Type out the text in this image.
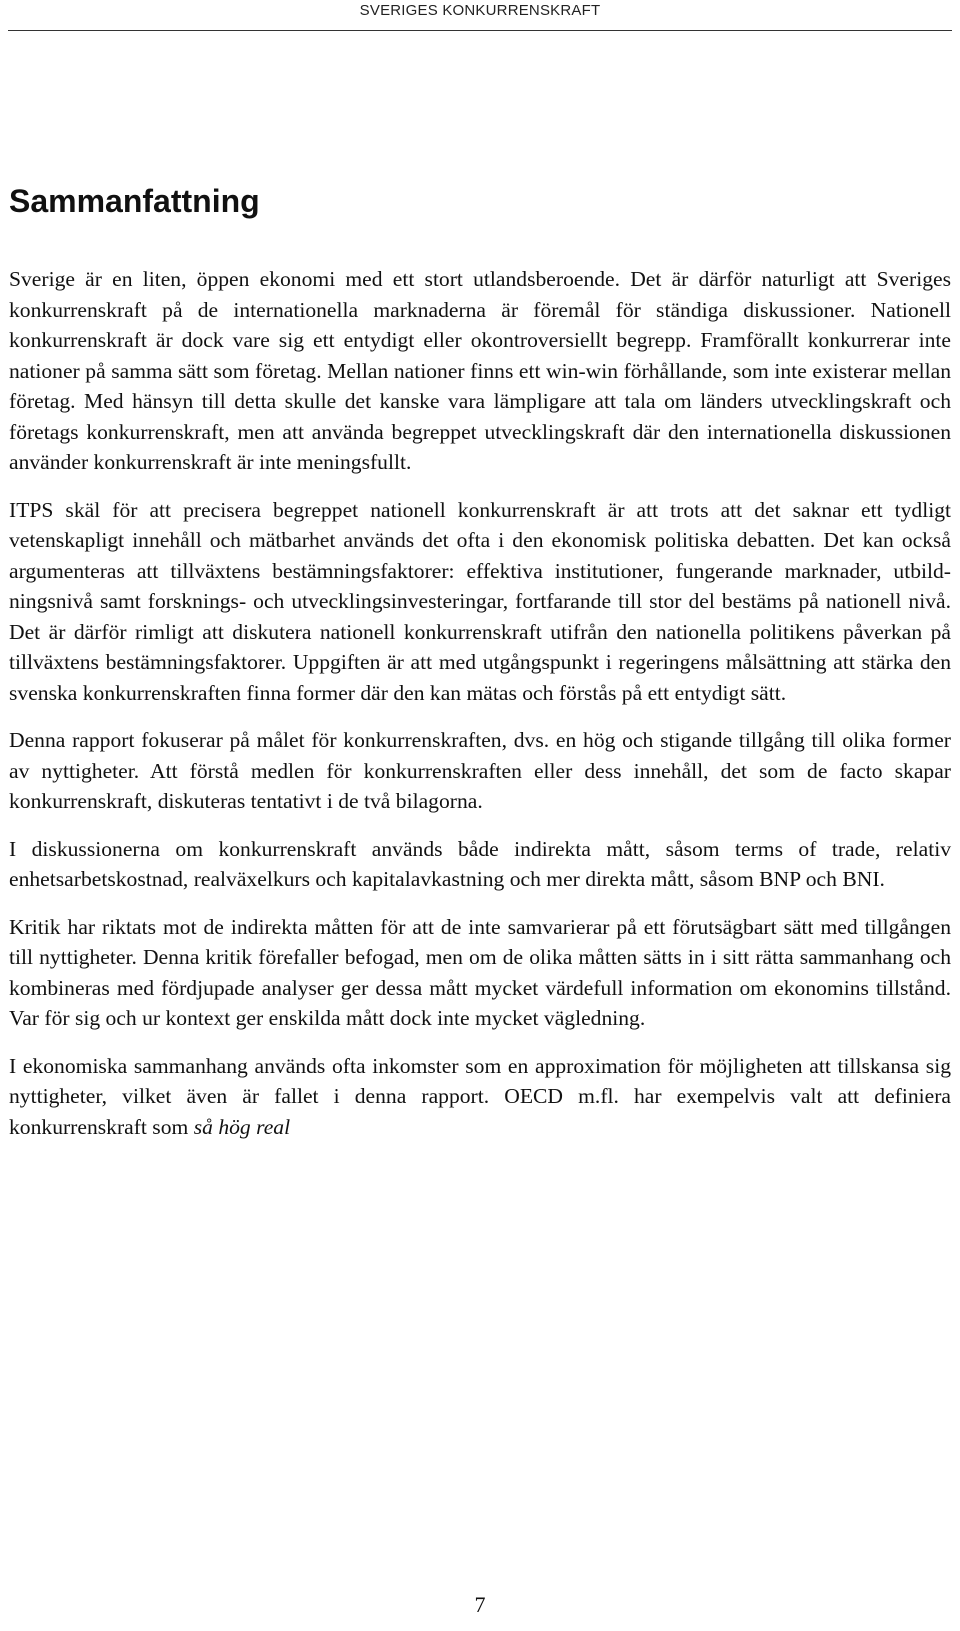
SVERIGES KONKURRENSKRAFT
Sammanfattning

Sverige är en liten, öppen ekonomi med ett stort utlandsberoende. Det är därför naturligt att Sveriges konkurrenskraft på de internationella marknaderna är föremål för ständiga diskussioner. Nationell konkurrenskraft är dock vare sig ett entydigt eller okontroversiellt begrepp. Framförallt konkurrerar inte nationer på samma sätt som företag. Mellan nationer finns ett win-win förhållande, som inte existerar mellan företag. Med hänsyn till detta skulle det kanske vara lämpligare att tala om länders utvecklingskraft och företags konkurrenskraft, men att använda begreppet utvecklingskraft där den internationella diskussionen använder konkurrenskraft är inte meningsfullt.

ITPS skäl för att precisera begreppet nationell konkurrenskraft är att trots att det saknar ett tydligt vetenskapligt innehåll och mätbarhet används det ofta i den ekonomisk politiska debatten. Det kan också argumenteras att tillväxtens bestämningsfaktorer: effektiva institutioner, fungerande marknader, utbildningsnivå samt forsknings- och utvecklingsinvesteringar, fortfarande till stor del bestäms på nationell nivå. Det är därför rimligt att diskutera nationell konkurrenskraft utifrån den nationella politikens påverkan på tillväxtens bestämningsfaktorer. Uppgiften är att med utgångspunkt i regeringens målsättning att stärka den svenska konkurrenskraften finna former där den kan mätas och förstås på ett entydigt sätt.

Denna rapport fokuserar på målet för konkurrenskraften, dvs. en hög och stigande tillgång till olika former av nyttigheter. Att förstå medlen för konkurrenskraften eller dess innehåll, det som de facto skapar konkurrenskraft, diskuteras tentativt i de två bilagorna.

I diskussionerna om konkurrenskraft används både indirekta mått, såsom terms of trade, relativ enhetsarbetskostnad, realväxelkurs och kapitalavkastning och mer direkta mått, såsom BNP och BNI.

Kritik har riktats mot de indirekta måtten för att de inte samvarierar på ett förutsägbart sätt med tillgången till nyttigheter. Denna kritik förefaller befogad, men om de olika måtten sätts in i sitt rätta sammanhang och kombineras med fördjupade analyser ger dessa mått mycket värdefull information om ekonomins tillstånd. Var för sig och ur kontext ger enskilda mått dock inte mycket vägledning.

I ekonomiska sammanhang används ofta inkomster som en approximation för möjligheten att tillskansa sig nyttigheter, vilket även är fallet i denna rapport. OECD m.fl. har exempelvis valt att definiera konkurrenskraft som så hög real

7
